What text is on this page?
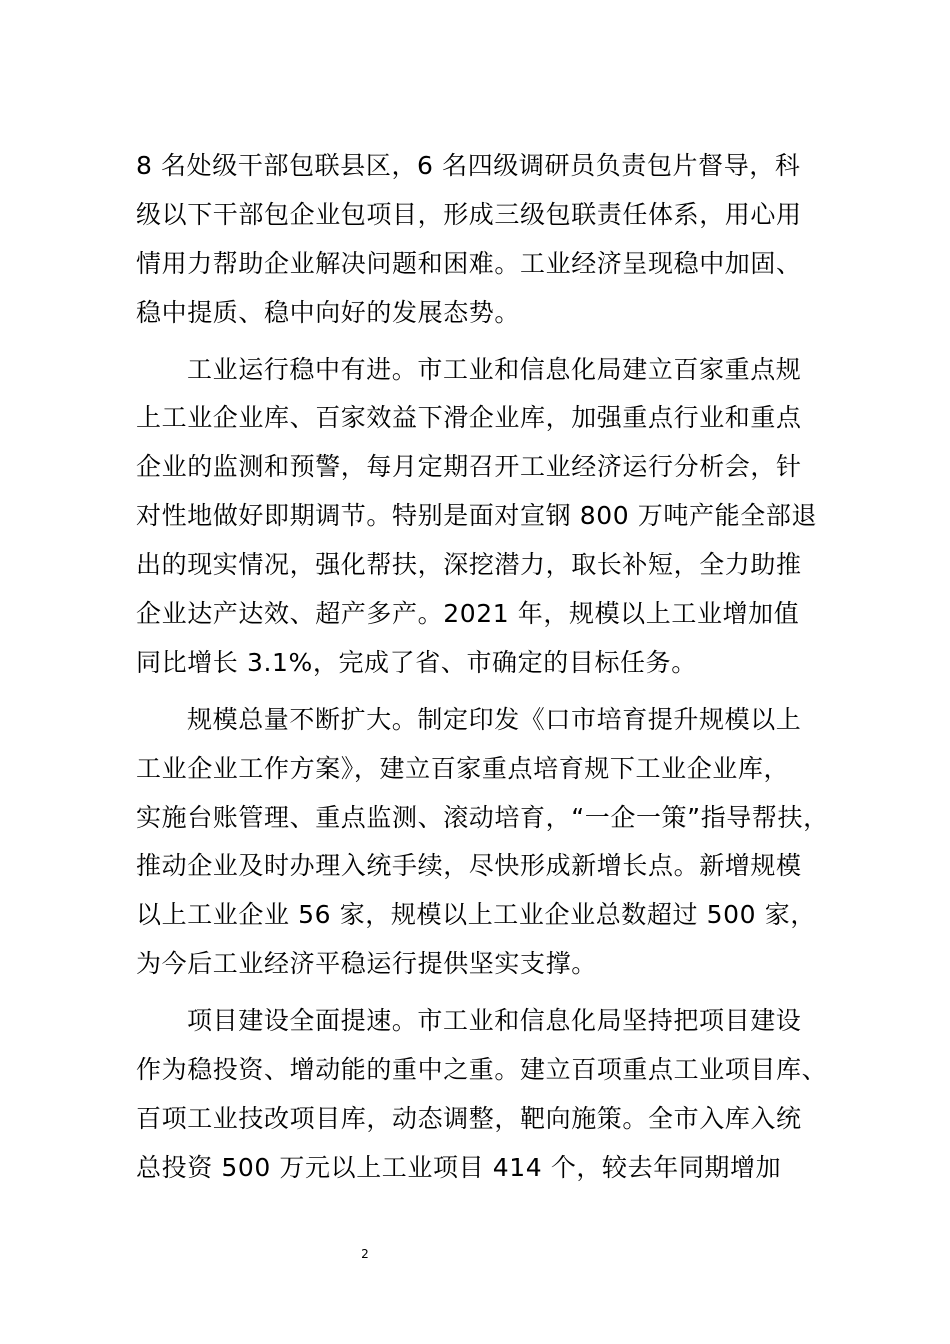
8 名处级干部包联县区，6 名四级调研员负责包片督导，科
级以下干部包企业包项目，形成三级包联责任体系，用心用
情用力帮助企业解决问题和困难。工业经济呈现稳中加固、
稳中提质、稳中向好的发展态势。
工业运行稳中有进。市工业和信息化局建立百家重点规
上工业企业库、百家效益下滑企业库，加强重点行业和重点
企业的监测和预警，每月定期召开工业经济运行分析会，针
对性地做好即期调节。特别是面对宣钢 800 万吨产能全部退
出的现实情况，强化帮扶，深挖潜力，取长补短，全力助推
企业达产达效、超产多产。2021 年，规模以上工业增加值
同比增长 3.1%，完成了省、市确定的目标任务。
规模总量不断扩大。制定印发《口市培育提升规模以上
工业企业工作方案》，建立百家重点培育规下工业企业库，
实施台账管理、重点监测、滚动培育，“一企一策”指导帮扶，
推动企业及时办理入统手续，尽快形成新增长点。新增规模
以上工业企业 56 家，规模以上工业企业总数超过 500 家，
为今后工业经济平稳运行提供坚实支撑。
项目建设全面提速。市工业和信息化局坚持把项目建设
作为稳投资、增动能的重中之重。建立百项重点工业项目库、
百项工业技改项目库，动态调整，靶向施策。全市入库入统
总投资 500 万元以上工业项目 414 个，较去年同期增加
2
